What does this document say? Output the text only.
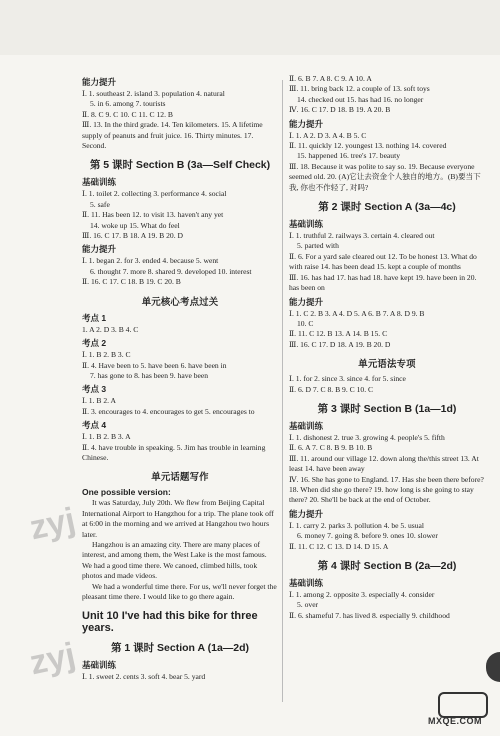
能力提升

Ⅰ. 1. southeast 2. island 3. population 4. natural

5. in 6. among 7. tourists

Ⅱ. 8. C 9. C 10. C 11. C 12. B

Ⅲ. 13. In the third grade. 14. Ten kilometers. 15. A lifetime supply of peanuts and fruit juice. 16. Thirty minutes. 17. Second.

第 5 课时 Section B (3a—Self Check)

基础训练

Ⅰ. 1. toilet 2. collecting 3. performance 4. social

5. safe

Ⅱ. 11. Has been 12. to visit 13. haven't any yet

14. woke up 15. What do feel

Ⅲ. 16. C 17. B 18. A 19. B 20. D

能力提升

Ⅰ. 1. began 2. for 3. ended 4. because 5. went

6. thought 7. more 8. shared 9. developed 10. interest

Ⅱ. 16. C 17. C 18. B 19. C 20. B

单元核心考点过关

考点 1

1. A 2. D 3. B 4. C

考点 2

Ⅰ. 1. B 2. B 3. C

Ⅱ. 4. Have been to 5. have been 6. have been in

7. has gone to 8. has been 9. have been

考点 3

Ⅰ. 1. B 2. A

Ⅱ. 3. encourages to 4. encourages to get 5. encourages to

考点 4

Ⅰ. 1. B 2. B 3. A

Ⅱ. 4. have trouble in speaking. 5. Jim has trouble in learning Chinese.

单元话题写作

One possible version:

It was Saturday, July 20th. We flew from Beijing Capital International Airport to Hangzhou for a trip. The plane took off at 6:00 in the morning and we arrived at Hangzhou two hours later.

Hangzhou is an amazing city. There are many places of interest, and among them, the West Lake is the most famous. We had a good time there. We canoed, climbed hills, took photos and made videos.

We had a wonderful time there. For us, we'll never forget the pleasant time there. I would like to go there again.

Unit 10 I've had this bike for three years.

第 1 课时 Section A (1a—2d)

基础训练

Ⅰ. 1. sweet 2. cents 3. soft 4. bear 5. yard

Ⅱ. 6. B 7. A 8. C 9. A 10. A

Ⅲ. 11. bring back 12. a couple of 13. soft toys

14. checked out 15. has had 16. no longer

Ⅳ. 16. C 17. D 18. B 19. A 20. B

能力提升

Ⅰ. 1. A 2. D 3. A 4. B 5. C

Ⅱ. 11. quickly 12. youngest 13. nothing 14. covered

15. happened 16. tree's 17. beauty

Ⅲ. 18. Because it was polite to say so. 19. Because everyone seemed old. 20. (A)它让去资金个人独自的地方。(B)要当下我, 你也不作轻了, 对吗?

第 2 课时 Section A (3a—4c)

基础训练

Ⅰ. 1. truthful 2. railways 3. certain 4. cleared out

5. parted with

Ⅱ. 6. For a yard sale cleared out 12. To be honest 13. What do with raise 14. has been dead 15. kept a couple of months

Ⅲ. 16. has had 17. has had 18. have kept 19. have been in 20. has been on

能力提升

Ⅰ. 1. C 2. B 3. A 4. D 5. A 6. B 7. A 8. D 9. B

10. C

Ⅱ. 11. C 12. B 13. A 14. B 15. C

Ⅲ. 16. C 17. D 18. A 19. B 20. D

单元语法专项

Ⅰ. 1. for 2. since 3. since 4. for 5. since

Ⅱ. 6. D 7. C 8. B 9. C 10. C

第 3 课时 Section B (1a—1d)

基础训练

Ⅰ. 1. dishonest 2. true 3. growing 4. people's 5. fifth

Ⅱ. 6. A 7. C 8. B 9. B 10. B

Ⅲ. 11. around our village 12. down along the/this street 13. At least 14. have been away

Ⅳ. 16. She has gone to England. 17. Has she been there before? 18. When did she go there? 19. how long is she going to stay there? 20. She'll be back at the end of October.

能力提升

Ⅰ. 1. carry 2. parks 3. pollution 4. be 5. usual

6. money 7. going 8. before 9. ones 10. slower

Ⅱ. 11. C 12. C 13. D 14. D 15. A

第 4 课时 Section B (2a—2d)

基础训练

Ⅰ. 1. among 2. opposite 3. especially 4. consider

5. over

Ⅱ. 6. shameful 7. has lived 8. especially 9. childhood

zyj
zyj
MXQE.COM
